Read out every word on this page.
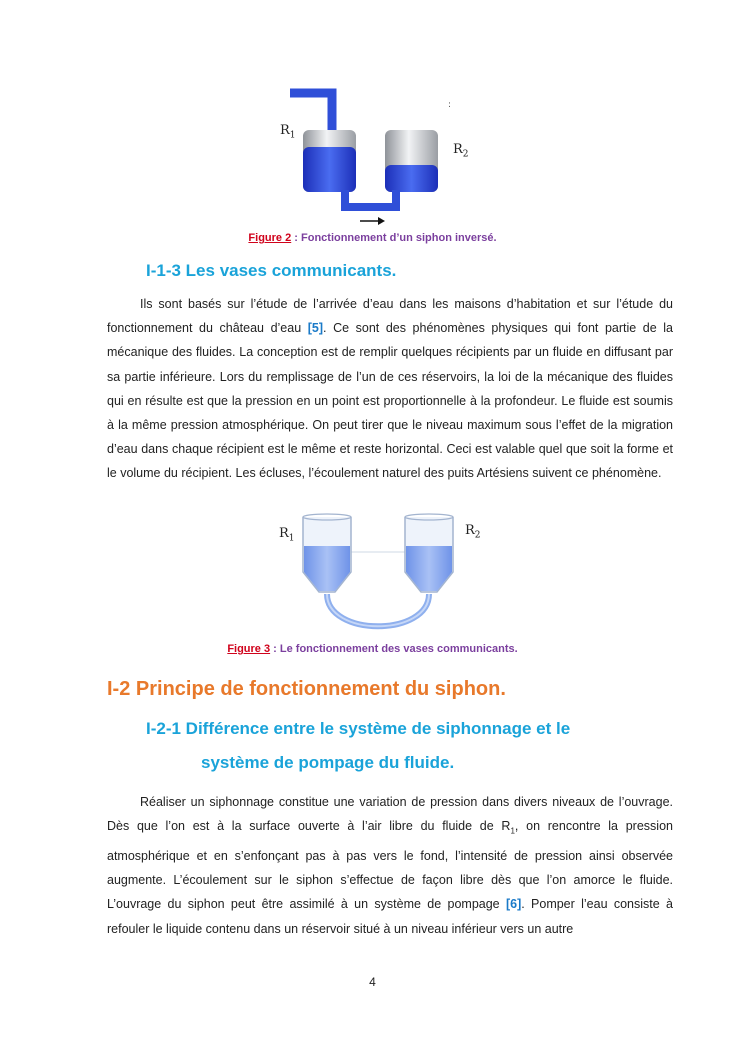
:
$R_1$
$R_2$
Figure 2 : Fonctionnement d’un siphon inversé.
I-1-3 Les vases communicants.

Ils sont basés sur l’étude de l’arrivée d’eau dans les maisons d’habitation et sur l’étude du fonctionnement du château d’eau [5]. Ce sont des phénomènes physiques qui font partie de la mécanique des fluides. La conception est de remplir quelques récipients par un fluide en diffusant par sa partie inférieure. Lors du remplissage de l’un de ces réservoirs, la loi de la mécanique des fluides qui en résulte est que la pression en un point est proportionnelle à la profondeur. Le fluide est soumis à la même pression atmosphérique. On peut tirer que le niveau maximum sous l’effet de la migration d’eau dans chaque récipient est le même et reste horizontal. Ceci est valable quel que soit la forme et le volume du récipient. Les écluses, l’écoulement naturel des puits Artésiens suivent ce phénomène.

$R_1$
$R_2$
Figure 3 : Le fonctionnement des vases communicants.
I-2 Principe de fonctionnement du siphon.
I-2-1 Différence entre le système de siphonnage et le
système de pompage du fluide.

Réaliser un siphonnage constitue une variation de pression dans divers niveaux de l’ouvrage. Dès que l’on est à la surface ouverte à l’air libre du fluide de $R_1$, on rencontre la pression atmosphérique et en s’enfonçant pas à pas vers le fond, l’intensité de pression ainsi observée augmente. L’écoulement sur le siphon s’effectue de façon libre dès que l’on amorce le fluide. L’ouvrage du siphon peut être assimilé à un système de pompage [6]. Pomper l’eau consiste à refouler le liquide contenu dans un réservoir situé à un niveau inférieur vers un autre

4
